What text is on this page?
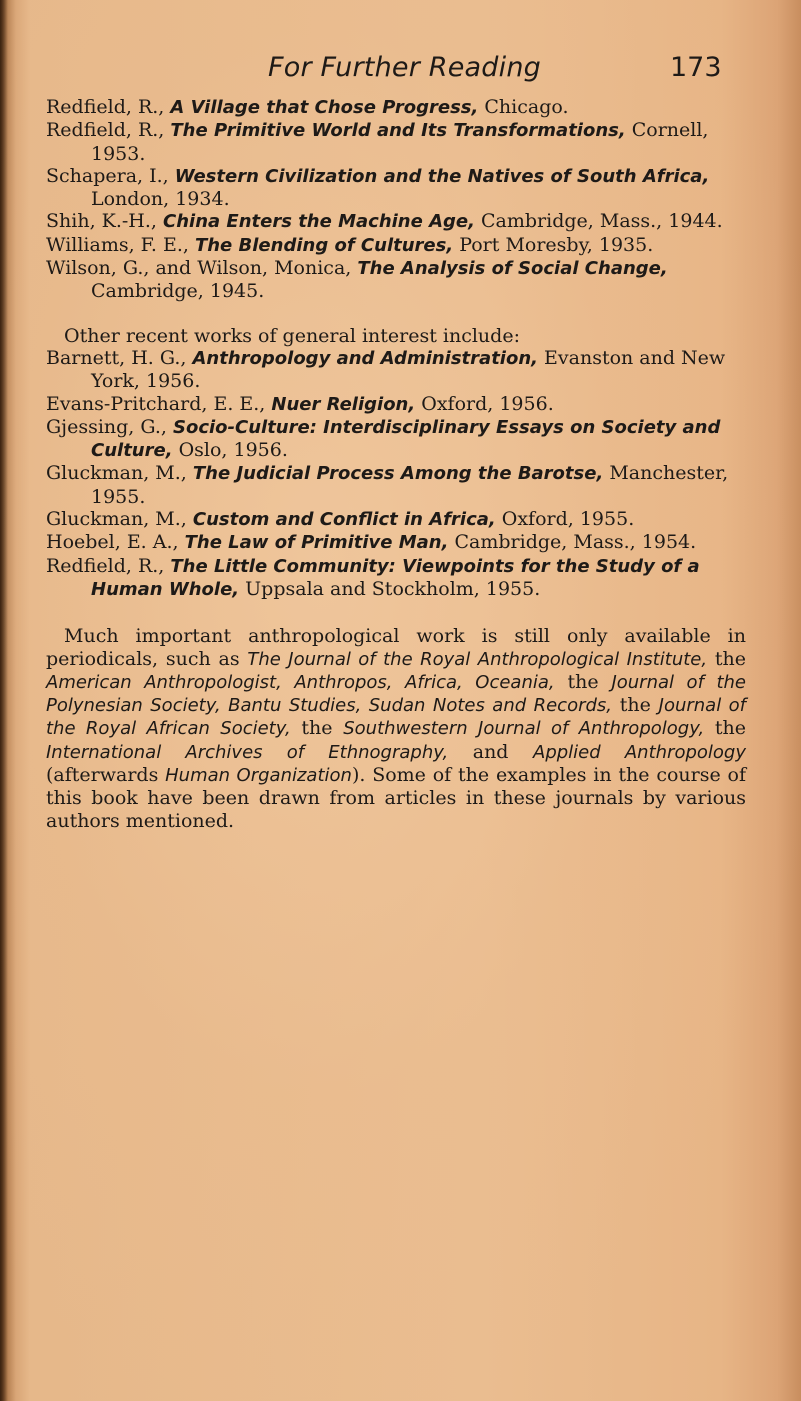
For Further Reading	173

Redfield, R., A Village that Chose Progress, Chicago.

Redfield, R., The Primitive World and Its Transformations, Cornell, 1953.

Schapera, I., Western Civilization and the Natives of South Africa, London, 1934.

Shih, K.-H., China Enters the Machine Age, Cambridge, Mass., 1944.

Williams, F. E., The Blending of Cultures, Port Moresby, 1935.

Wilson, G., and Wilson, Monica, The Analysis of Social Change, Cambridge, 1945.

Other recent works of general interest include:

Barnett, H. G., Anthropology and Administration, Evanston and New York, 1956.

Evans-Pritchard, E. E., Nuer Religion, Oxford, 1956.

Gjessing, G., Socio-Culture: Interdisciplinary Essays on Society and Culture, Oslo, 1956.

Gluckman, M., The Judicial Process Among the Barotse, Manchester, 1955.

Gluckman, M., Custom and Conflict in Africa, Oxford, 1955.

Hoebel, E. A., The Law of Primitive Man, Cambridge, Mass., 1954.

Redfield, R., The Little Community: Viewpoints for the Study of a Human Whole, Uppsala and Stockholm, 1955.

Much important anthropological work is still only available in periodicals, such as The Journal of the Royal Anthropological Institute, the American Anthropologist, Anthropos, Africa, Oceania, the Journal of the Polynesian Society, Bantu Studies, Sudan Notes and Records, the Journal of the Royal African Society, the Southwestern Journal of Anthropology, the International Archives of Ethnography, and Applied Anthropology (afterwards Human Organization). Some of the examples in the course of this book have been drawn from articles in these journals by various authors mentioned.
